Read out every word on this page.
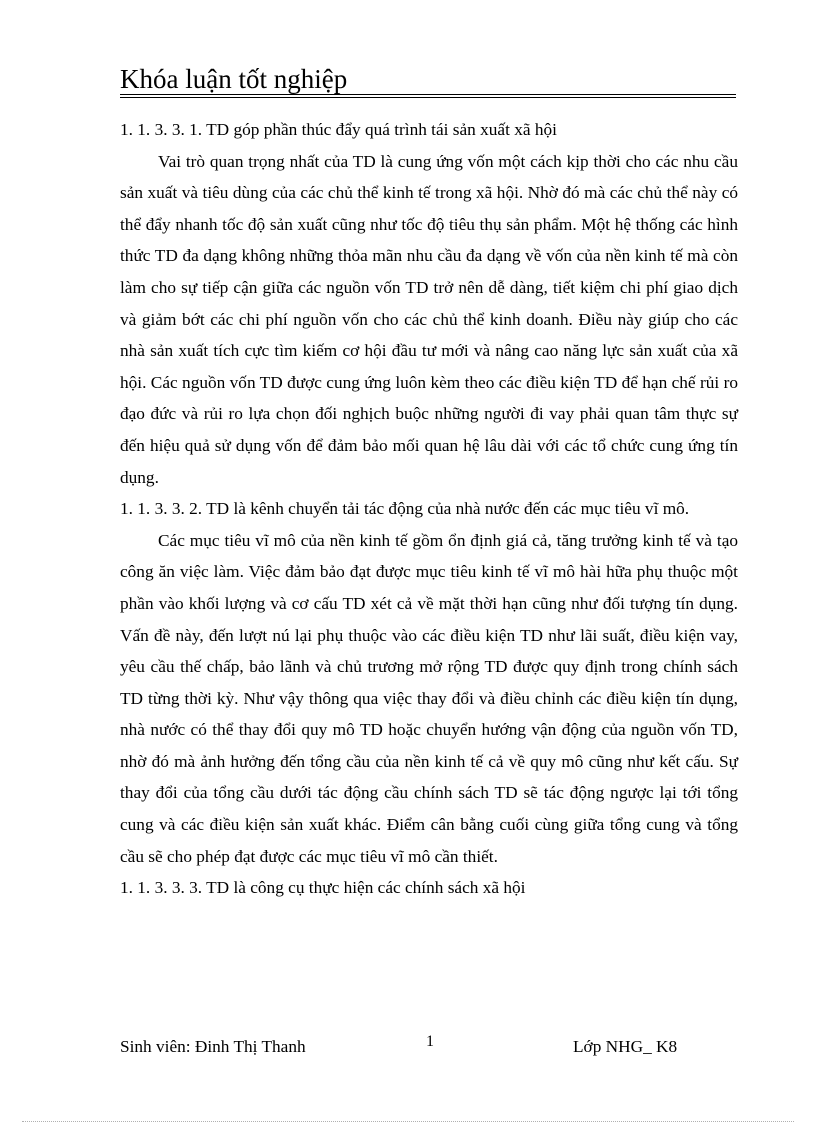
Khóa luận tốt nghiệp

1. 1. 3. 3. 1. TD góp phần thúc đẩy quá trình tái sản xuất xã hội

Vai trò quan trọng nhất của TD là cung ứng vốn một cách kịp thời cho các nhu cầu sản xuất và tiêu dùng của các chủ thể kinh tế trong xã hội. Nhờ đó mà các chủ thể này có thể đẩy nhanh tốc độ sản xuất cũng như tốc độ tiêu thụ sản phẩm. Một hệ thống các hình thức TD đa dạng không những thỏa mãn nhu cầu đa dạng về vốn của nền kinh tế mà còn làm cho sự tiếp cận giữa các nguồn vốn TD trở nên dễ dàng, tiết kiệm chi phí giao dịch và giảm bớt các chi phí nguồn vốn cho các chủ thể kinh doanh. Điều này giúp cho các nhà sản xuất tích cực tìm kiếm cơ hội đầu tư mới và nâng cao năng lực sản xuất của xã hội. Các nguồn vốn TD được cung ứng luôn kèm theo các điều kiện TD để hạn chế rủi ro đạo đức và rủi ro lựa chọn đối nghịch buộc những người đi vay phải quan tâm thực sự đến hiệu quả sử dụng vốn để đảm bảo mối quan hệ lâu dài với các tổ chức cung ứng tín dụng.

1. 1. 3. 3. 2. TD là kênh chuyển tải tác động của nhà nước đến các mục tiêu vĩ mô.

Các mục tiêu vĩ mô của nền kinh tế gồm ổn định giá cả, tăng trưởng kinh tế và tạo công ăn việc làm. Việc đảm bảo đạt được mục tiêu kinh tế vĩ mô hài hữa phụ thuộc một phần vào khối lượng và cơ cấu TD xét cả về mặt thời hạn cũng như đối tượng tín dụng. Vấn đề này, đến lượt nú lại phụ thuộc vào các điều kiện TD như lãi suất, điều kiện vay, yêu cầu thế chấp, bảo lãnh và chủ trương mở rộng TD được quy định trong chính sách TD từng thời kỳ. Như vậy thông qua việc thay đổi và điều chỉnh các điều kiện tín dụng, nhà nước có thể thay đổi quy mô TD hoặc chuyển hướng vận động của nguồn vốn TD, nhờ đó mà ảnh hưởng đến tổng cầu của nền kinh tế cả về quy mô cũng như kết cấu. Sự thay đổi của tổng cầu dưới tác động cầu chính sách TD sẽ tác động ngược lại tới tổng cung và các điều kiện sản xuất khác. Điểm cân bằng cuối cùng giữa tổng cung và tổng cầu sẽ cho phép đạt được các mục tiêu vĩ mô cần thiết.

1. 1. 3. 3. 3. TD là công cụ thực hiện các chính sách xã hội

Sinh viên: Đinh Thị Thanh	1	Lớp NHG_ K8
